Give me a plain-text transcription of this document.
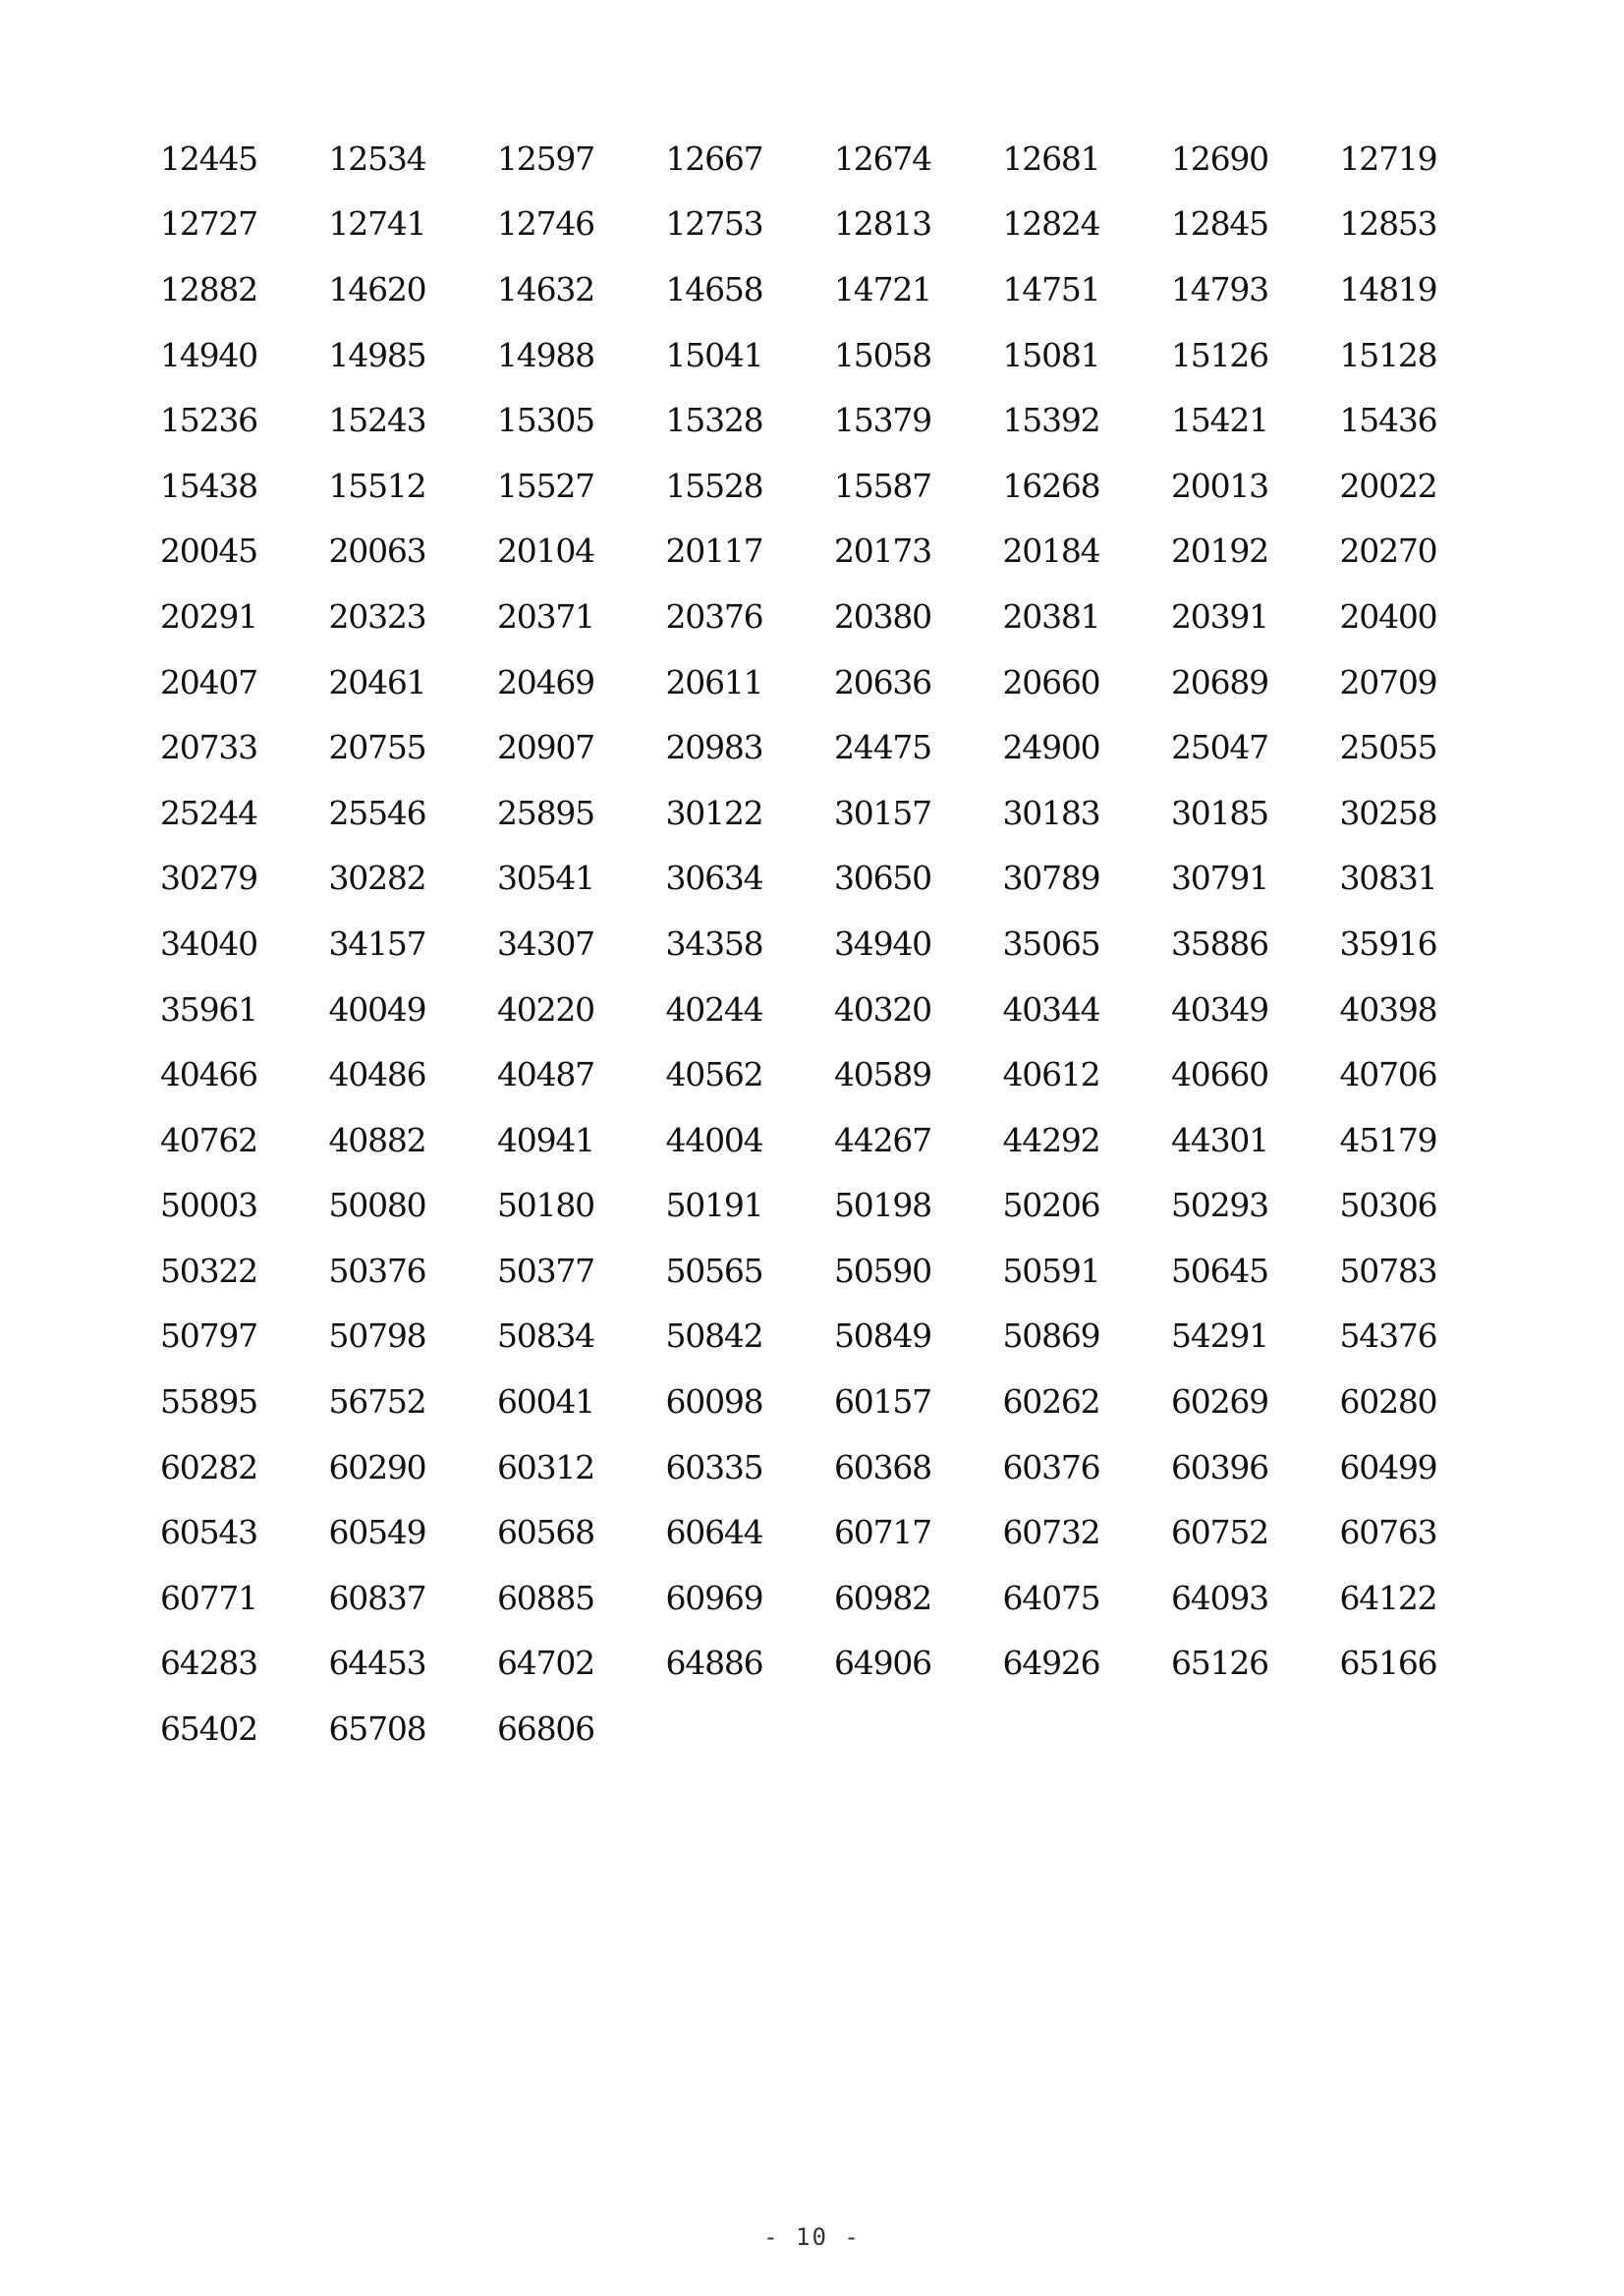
12445	12534	12597	12667	12674	12681	12690	12719
12727	12741	12746	12753	12813	12824	12845	12853
12882	14620	14632	14658	14721	14751	14793	14819
14940	14985	14988	15041	15058	15081	15126	15128
15236	15243	15305	15328	15379	15392	15421	15436
15438	15512	15527	15528	15587	16268	20013	20022
20045	20063	20104	20117	20173	20184	20192	20270
20291	20323	20371	20376	20380	20381	20391	20400
20407	20461	20469	20611	20636	20660	20689	20709
20733	20755	20907	20983	24475	24900	25047	25055
25244	25546	25895	30122	30157	30183	30185	30258
30279	30282	30541	30634	30650	30789	30791	30831
34040	34157	34307	34358	34940	35065	35886	35916
35961	40049	40220	40244	40320	40344	40349	40398
40466	40486	40487	40562	40589	40612	40660	40706
40762	40882	40941	44004	44267	44292	44301	45179
50003	50080	50180	50191	50198	50206	50293	50306
50322	50376	50377	50565	50590	50591	50645	50783
50797	50798	50834	50842	50849	50869	54291	54376
55895	56752	60041	60098	60157	60262	60269	60280
60282	60290	60312	60335	60368	60376	60396	60499
60543	60549	60568	60644	60717	60732	60752	60763
60771	60837	60885	60969	60982	64075	64093	64122
64283	64453	64702	64886	64906	64926	65126	65166
65402	65708	66806
- 10 -
